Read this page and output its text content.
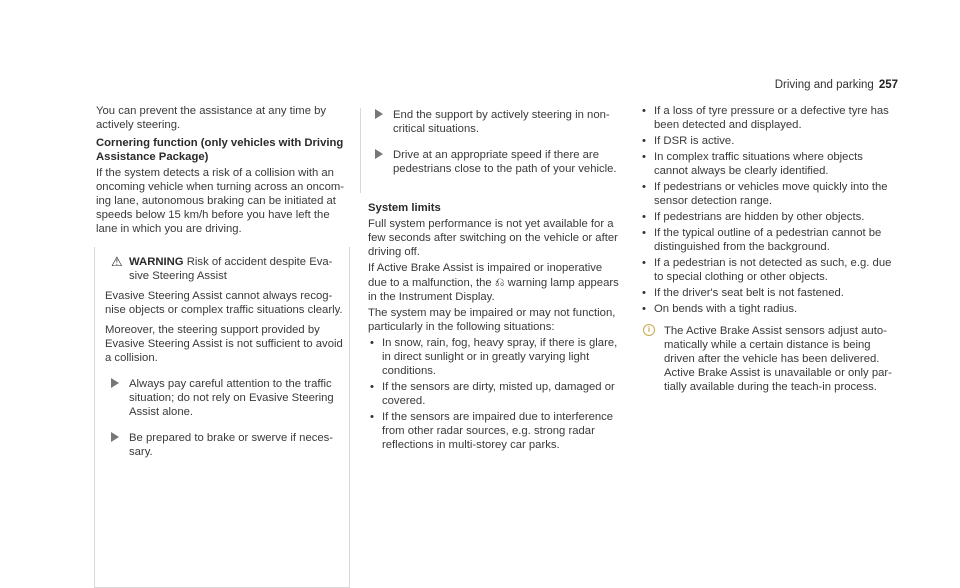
Driving and parking 257

You can prevent the assistance at any time by actively steering.

Cornering function (only vehicles with Driving Assistance Package)

If the system detects a risk of a collision with an oncoming vehicle when turning across an oncom-ing lane, autonomous braking can be initiated at speeds below 15 km/h before you have left the lane in which you are driving.

⚠ WARNING Risk of accident despite Eva-sive Steering Assist

Evasive Steering Assist cannot always recog-nise objects or complex traffic situations clearly.

Moreover, the steering support provided by Evasive Steering Assist is not sufficient to avoid a collision.

Always pay careful attention to the traffic situation; do not rely on Evasive Steering Assist alone.
Be prepared to brake or swerve if neces-sary.
End the support by actively steering in non-critical situations.
Drive at an appropriate speed if there are pedestrians close to the path of your vehicle.

System limits

Full system performance is not yet available for a few seconds after switching on the vehicle or after driving off.

If Active Brake Assist is impaired or inoperative due to a malfunction, the ⎌ warning lamp appears in the Instrument Display.

The system may be impaired or may not function, particularly in the following situations:

• In snow, rain, fog, heavy spray, if there is glare, in direct sunlight or in greatly varying light conditions.
• If the sensors are dirty, misted up, damaged or covered.
• If the sensors are impaired due to interference from other radar sources, e.g. strong radar reflections in multi-storey car parks.
• If a loss of tyre pressure or a defective tyre has been detected and displayed.
• If DSR is active.
• In complex traffic situations where objects cannot always be clearly identified.
• If pedestrians or vehicles move quickly into the sensor detection range.
• If pedestrians are hidden by other objects.
• If the typical outline of a pedestrian cannot be distinguished from the background.
• If a pedestrian is not detected as such, e.g. due to special clothing or other objects.
• If the driver's seat belt is not fastened.
• On bends with a tight radius.
i	The Active Brake Assist sensors adjust auto-matically while a certain distance is being driven after the vehicle has been delivered. Active Brake Assist is unavailable or only par-tially available during the teach-in process.
